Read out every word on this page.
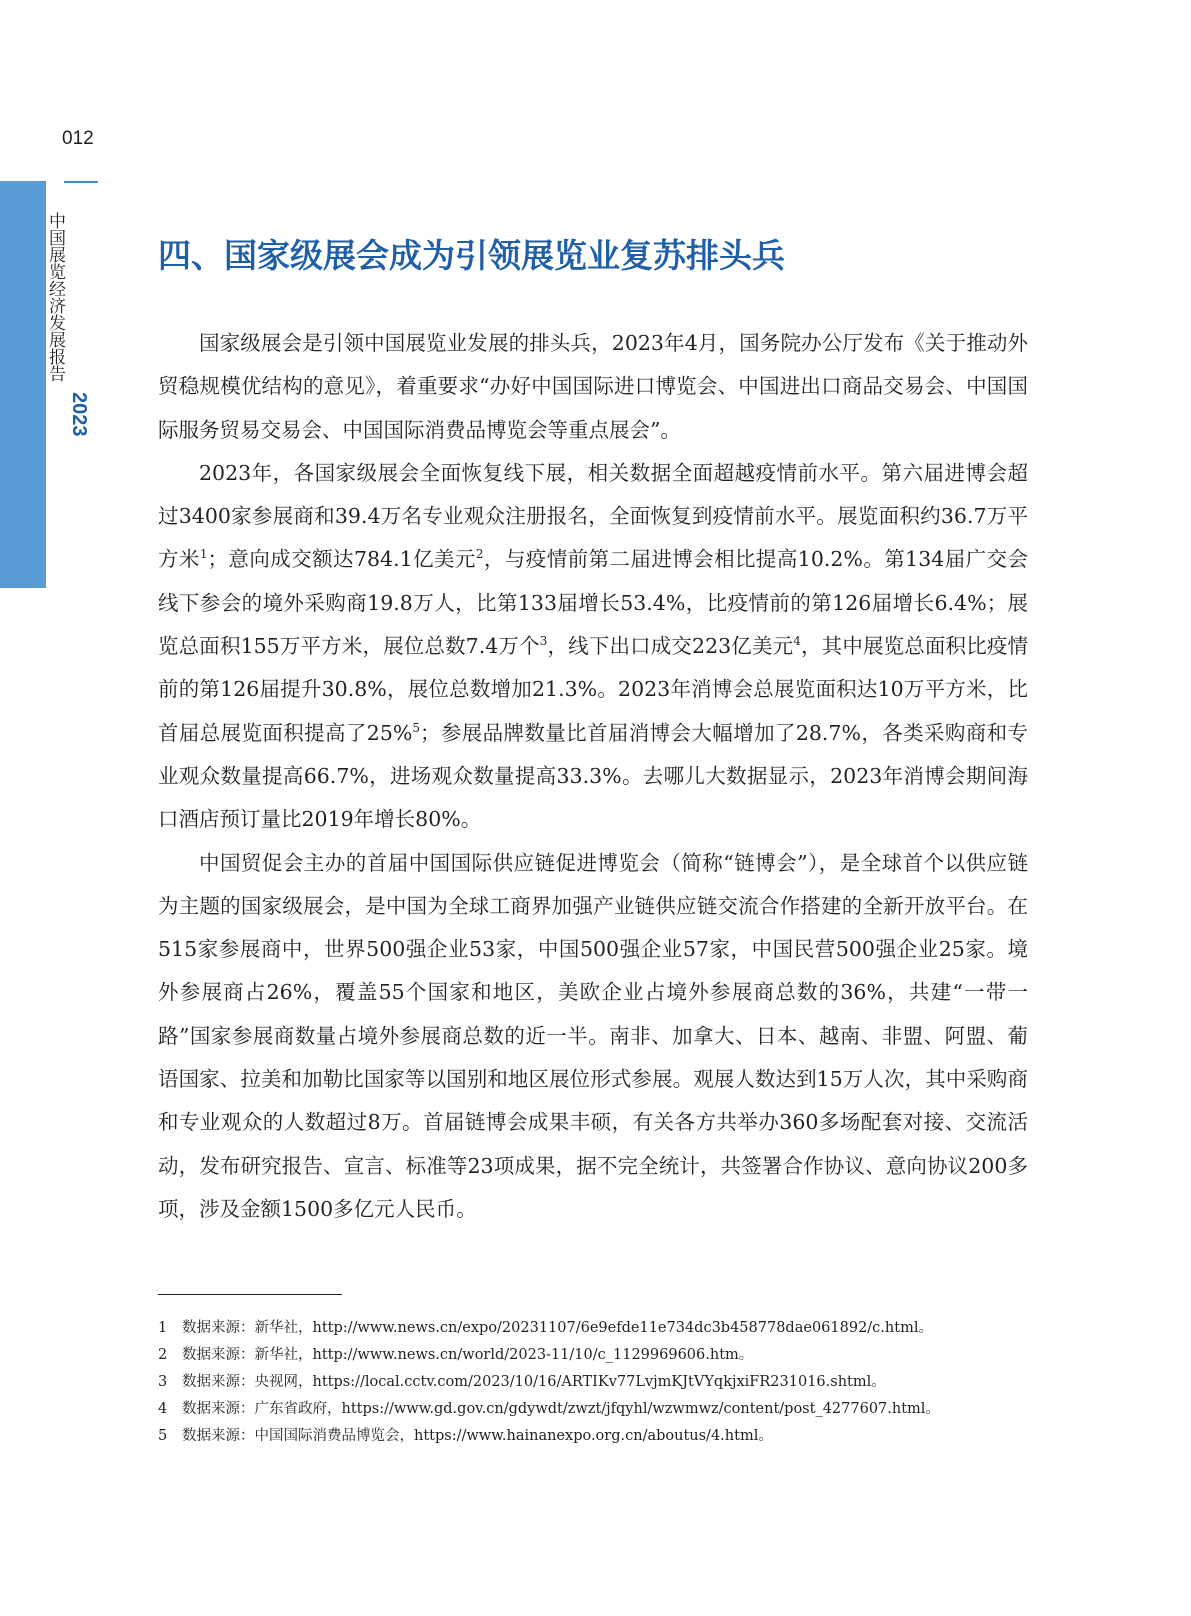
012
中国展览经济发展报告
2023
四、国家级展会成为引领展览业复苏排头兵

国家级展会是引领中国展览业发展的排头兵，2023年4月，国务院办公厅发布《关于推动外贸稳规模优结构的意见》，着重要求“办好中国国际进口博览会、中国进出口商品交易会、中国国际服务贸易交易会、中国国际消费品博览会等重点展会”。

2023年，各国家级展会全面恢复线下展，相关数据全面超越疫情前水平。第六届进博会超过3400家参展商和39.4万名专业观众注册报名，全面恢复到疫情前水平。展览面积约36.7万平方米$^1$；意向成交额达784.1亿美元$^2$，与疫情前第二届进博会相比提高10.2%。第134届广交会线下参会的境外采购商19.8万人，比第133届增长53.4%，比疫情前的第126届增长6.4%；展览总面积155万平方米，展位总数7.4万个$^3$，线下出口成交223亿美元$^4$，其中展览总面积比疫情前的第126届提升30.8%，展位总数增加21.3%。2023年消博会总展览面积达10万平方米，比首届总展览面积提高了25%$^5$；参展品牌数量比首届消博会大幅增加了28.7%，各类采购商和专业观众数量提高66.7%，进场观众数量提高33.3%。去哪儿大数据显示，2023年消博会期间海口酒店预订量比2019年增长80%。

中国贸促会主办的首届中国国际供应链促进博览会（简称“链博会”），是全球首个以供应链为主题的国家级展会，是中国为全球工商界加强产业链供应链交流合作搭建的全新开放平台。在515家参展商中，世界500强企业53家，中国500强企业57家，中国民营500强企业25家。境外参展商占26%，覆盖55个国家和地区，美欧企业占境外参展商总数的36%，共建“一带一路”国家参展商数量占境外参展商总数的近一半。南非、加拿大、日本、越南、非盟、阿盟、葡语国家、拉美和加勒比国家等以国别和地区展位形式参展。观展人数达到15万人次，其中采购商和专业观众的人数超过8万。首届链博会成果丰硕，有关各方共举办360多场配套对接、交流活动，发布研究报告、宣言、标准等23项成果，据不完全统计，共签署合作协议、意向协议200多项，涉及金额1500多亿元人民币。

1	数据来源：新华社，http://www.news.cn/expo/20231107/6e9efde11e734dc3b458778dae061892/c.html。
2	数据来源：新华社，http://www.news.cn/world/2023-11/10/c_1129969606.htm。
3	数据来源：央视网，https://local.cctv.com/2023/10/16/ARTIKv77LvjmKJtVYqkjxiFR231016.shtml。
4	数据来源：广东省政府，https://www.gd.gov.cn/gdywdt/zwzt/jfqyhl/wzwmwz/content/post_4277607.html。
5	数据来源：中国国际消费品博览会，https://www.hainanexpo.org.cn/aboutus/4.html。
